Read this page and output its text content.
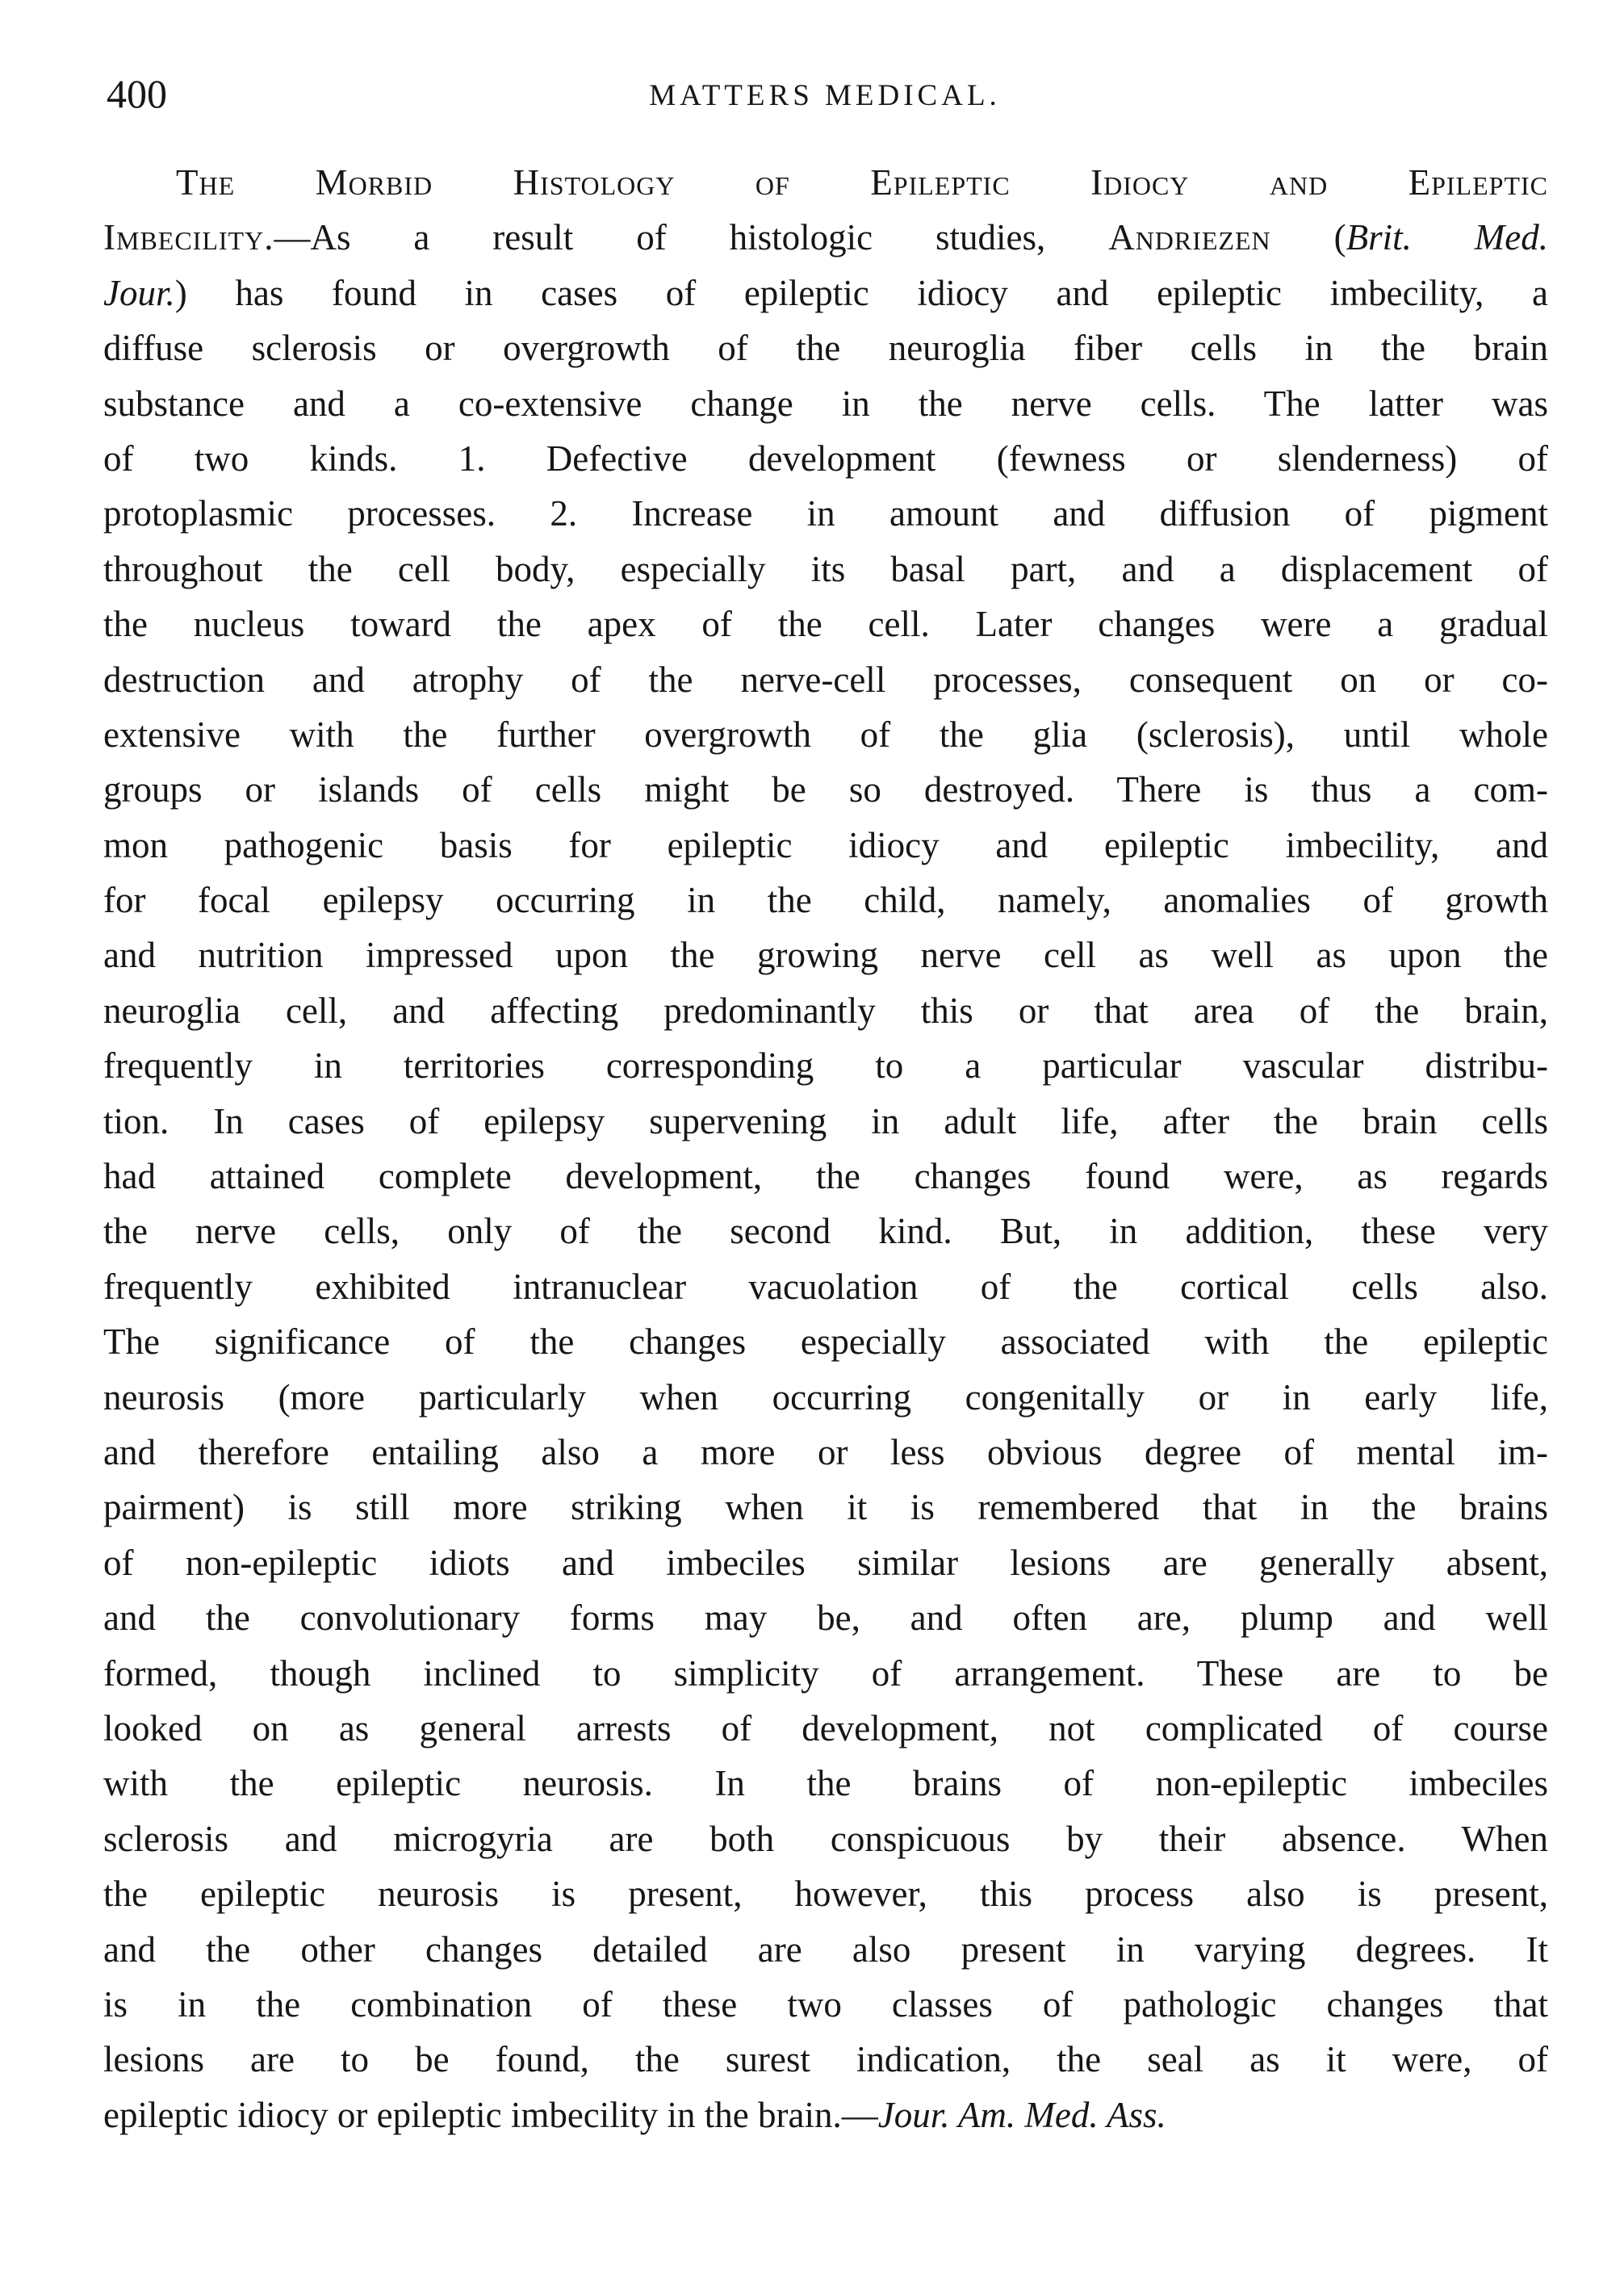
400	MATTERS MEDICAL.
The Morbid Histology of Epileptic Idiocy and Epileptic
Imbecility.—As a result of histologic studies, Andriezen (Brit. Med.
Jour.) has found in cases of epileptic idiocy and epileptic imbecility, a
diffuse sclerosis or overgrowth of the neuroglia fiber cells in the brain
substance and a co-extensive change in the nerve cells. The latter was
of two kinds. 1. Defective development (fewness or slenderness) of
protoplasmic processes. 2. Increase in amount and diffusion of pigment
throughout the cell body, especially its basal part, and a displacement of
the nucleus toward the apex of the cell. Later changes were a gradual
destruction and atrophy of the nerve-cell processes, consequent on or co-
extensive with the further overgrowth of the glia (sclerosis), until whole
groups or islands of cells might be so destroyed. There is thus a com-
mon pathogenic basis for epileptic idiocy and epileptic imbecility, and
for focal epilepsy occurring in the child, namely, anomalies of growth
and nutrition impressed upon the growing nerve cell as well as upon the
neuroglia cell, and affecting predominantly this or that area of the brain,
frequently in territories corresponding to a particular vascular distribu-
tion. In cases of epilepsy supervening in adult life, after the brain cells
had attained complete development, the changes found were, as regards
the nerve cells, only of the second kind. But, in addition, these very
frequently exhibited intranuclear vacuolation of the cortical cells also.
The significance of the changes especially associated with the epileptic
neurosis (more particularly when occurring congenitally or in early life,
and therefore entailing also a more or less obvious degree of mental im-
pairment) is still more striking when it is remembered that in the brains
of non-epileptic idiots and imbeciles similar lesions are generally absent,
and the convolutionary forms may be, and often are, plump and well
formed, though inclined to simplicity of arrangement. These are to be
looked on as general arrests of development, not complicated of course
with the epileptic neurosis. In the brains of non-epileptic imbeciles
sclerosis and microgyria are both conspicuous by their absence. When
the epileptic neurosis is present, however, this process also is present,
and the other changes detailed are also present in varying degrees. It
is in the combination of these two classes of pathologic changes that
lesions are to be found, the surest indication, the seal as it were, of
epileptic idiocy or epileptic imbecility in the brain.—Jour. Am. Med. Ass.
